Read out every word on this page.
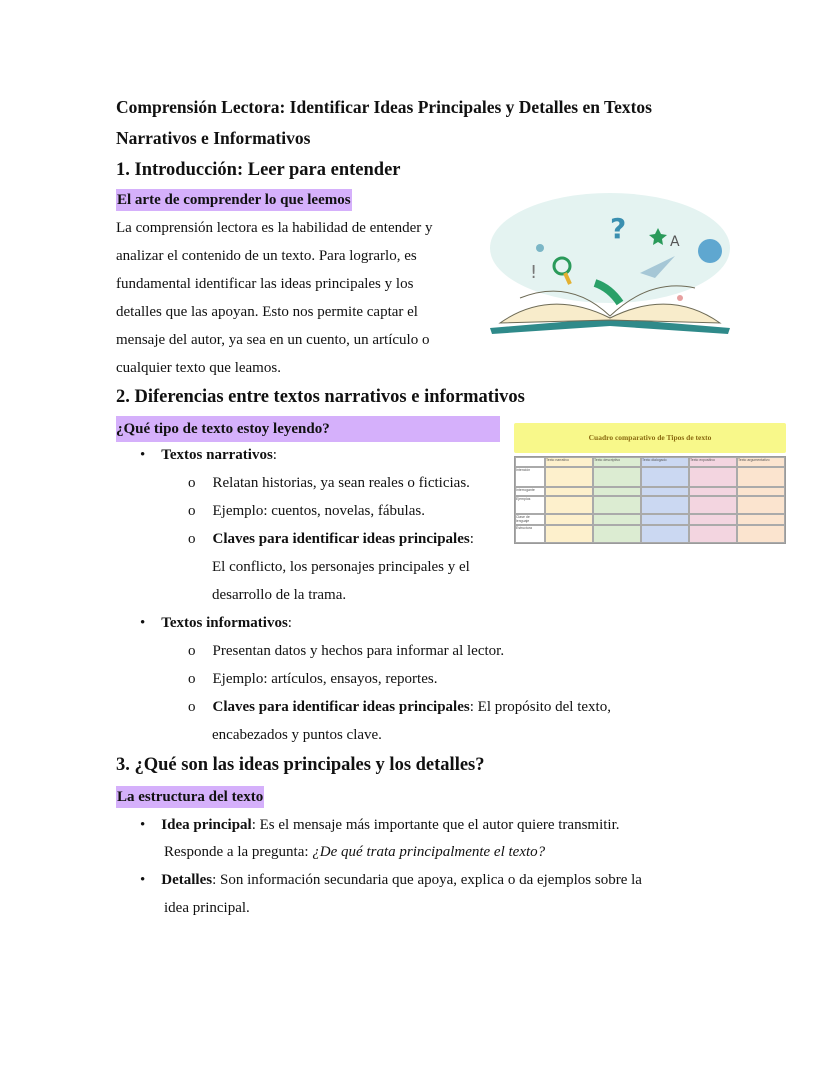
Comprensión Lectora: Identificar Ideas Principales y Detalles en Textos
Narrativos e Informativos
1. Introducción: Leer para entender
El arte de comprender lo que leemos
La comprensión lectora es la habilidad de entender y
analizar el contenido de un texto. Para lograrlo, es
fundamental identificar las ideas principales y los
detalles que las apoyan. Esto nos permite captar el
mensaje del autor, ya sea en un cuento, un artículo o
cualquier texto que leamos.
?	A
!
2. Diferencias entre textos narrativos e informativos
¿Qué tipo de texto estoy leyendo?
• Textos narrativos:
o Relatan historias, ya sean reales o ficticias.
o Ejemplo: cuentos, novelas, fábulas.
o Claves para identificar ideas principales:
El conflicto, los personajes principales y el
desarrollo de la trama.
• Textos informativos:
o Presentan datos y hechos para informar al lector.
o Ejemplo: artículos, ensayos, reportes.
o Claves para identificar ideas principales: El propósito del texto,
encabezados y puntos clave.
Cuadro comparativo de Tipos de texto
Texto narrativo	Texto descriptivo	Texto dialogado	Texto expositivo	Texto argumentativo
Intención
Interrogante
Ejemplos
Clase de lenguaje
Estructura
3. ¿Qué son las ideas principales y los detalles?
La estructura del texto
• Idea principal: Es el mensaje más importante que el autor quiere transmitir.
Responde a la pregunta: ¿De qué trata principalmente el texto?
• Detalles: Son información secundaria que apoya, explica o da ejemplos sobre la
idea principal.
